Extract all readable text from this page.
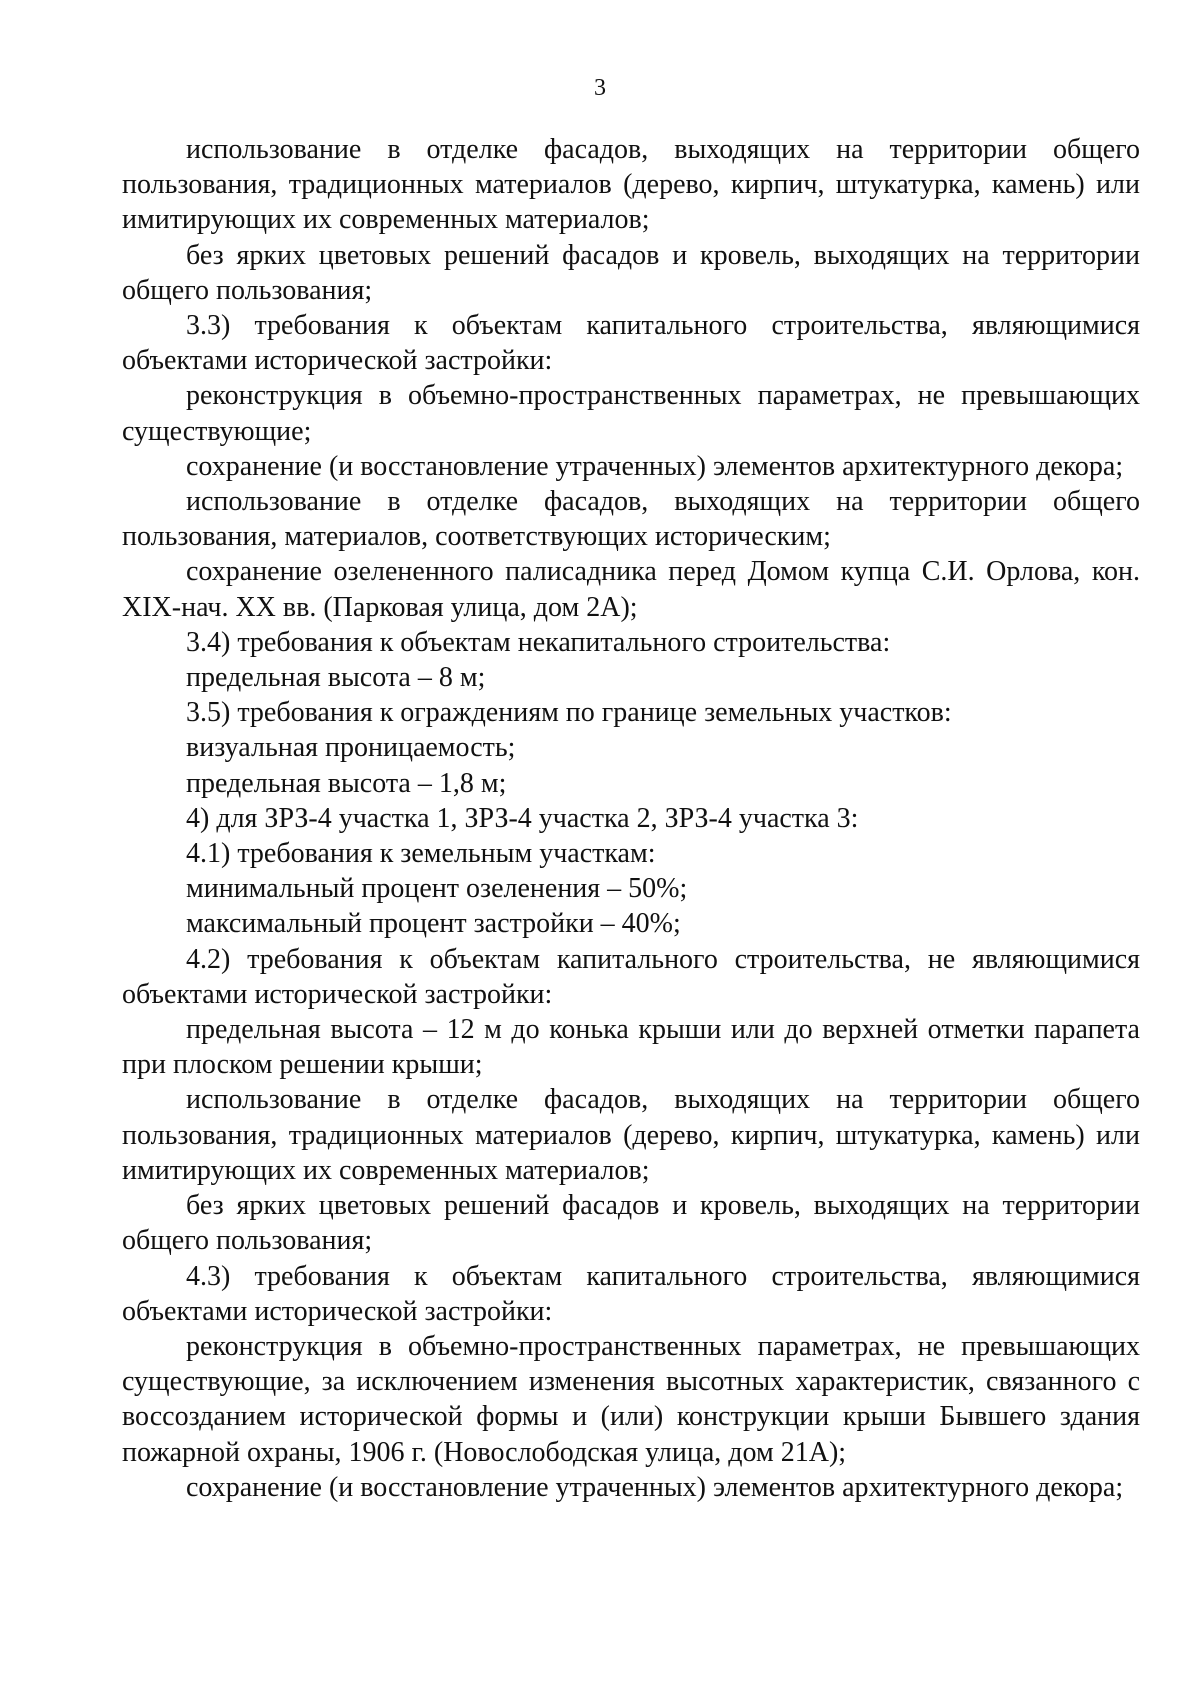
3

использование в отделке фасадов, выходящих на территории общего пользования, традиционных материалов (дерево, кирпич, штукатурка, камень) или имитирующих их современных материалов;

без ярких цветовых решений фасадов и кровель, выходящих на территории общего пользования;

3.3) требования к объектам капитального строительства, являющимися объектами исторической застройки:

реконструкция в объемно-пространственных параметрах, не превышающих существующие;

сохранение (и восстановление утраченных) элементов архитектурного декора;

использование в отделке фасадов, выходящих на территории общего пользования, материалов, соответствующих историческим;

сохранение озелененного палисадника перед Домом купца С.И. Орлова, кон. XIX-нач. XX вв. (Парковая улица, дом 2А);

3.4) требования к объектам некапитального строительства:

предельная высота – 8 м;

3.5) требования к ограждениям по границе земельных участков:

визуальная проницаемость;

предельная высота – 1,8 м;

4) для ЗРЗ-4 участка 1, ЗРЗ-4 участка 2, ЗРЗ-4 участка 3:

4.1) требования к земельным участкам:

минимальный процент озеленения – 50%;

максимальный процент застройки – 40%;

4.2) требования к объектам капитального строительства, не являющимися объектами исторической застройки:

предельная высота – 12 м до конька крыши или до верхней отметки парапета при плоском решении крыши;

использование в отделке фасадов, выходящих на территории общего пользования, традиционных материалов (дерево, кирпич, штукатурка, камень) или имитирующих их современных материалов;

без ярких цветовых решений фасадов и кровель, выходящих на территории общего пользования;

4.3) требования к объектам капитального строительства, являющимися объектами исторической застройки:

реконструкция в объемно-пространственных параметрах, не превышающих существующие, за исключением изменения высотных характеристик, связанного с воссозданием исторической формы и (или) конструкции крыши Бывшего здания пожарной охраны, 1906 г. (Новослободская улица, дом 21А);

сохранение (и восстановление утраченных) элементов архитектурного декора;
